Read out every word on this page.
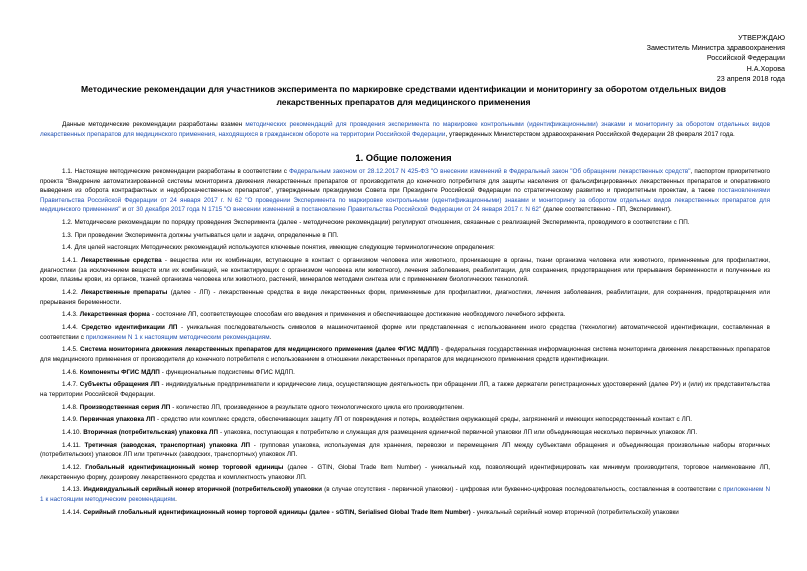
УТВЕРЖДАЮ
Заместитель Министра здравоохранения
Российской Федерации
Н.А.Хорова
23 апреля 2018 года
Методические рекомендации для участников эксперимента по маркировке средствами идентификации и мониторингу за оборотом отдельных видов
лекарственных препаратов для медицинского применения
Данные методические рекомендации разработаны взамен методических рекомендаций для проведения эксперимента по маркировке контрольными (идентификационными) знаками и мониторингу за оборотом отдельных видов лекарственных препаратов для медицинского применения, находящихся в гражданском обороте на территории Российской Федерации, утвержденных Министерством здравоохранения Российской Федерации 28 февраля 2017 года.
1. Общие положения
1.1. Настоящие методические рекомендации разработаны в соответствии с Федеральным законом от 28.12.2017 N 425-ФЗ "О внесении изменений в Федеральный закон "Об обращении лекарственных средств", паспортом приоритетного проекта "Внедрение автоматизированной системы мониторинга движения лекарственных препаратов от производителя до конечного потребителя для защиты населения от фальсифицированных лекарственных препаратов и оперативного выведения из оборота контрафактных и недоброкачественных препаратов", утвержденным президиумом Совета при Президенте Российской Федерации по стратегическому развитию и приоритетным проектам, а также постановлениями Правительства Российской Федерации от 24 января 2017 г. N 62 "О проведении Эксперимента по маркировке контрольными (идентификационными) знаками и мониторингу за оборотом отдельных видов лекарственных препаратов для медицинского применения" и от 30 декабря 2017 года N 1715 "О внесении изменений в постановление Правительства Российской Федерации от 24 января 2017 г. N 62" (далее соответственно - ПП, Эксперимент).
1.2. Методические рекомендации по порядку проведения Эксперимента (далее - методические рекомендации) регулируют отношения, связанные с реализацией Эксперимента, проводимого в соответствии с ПП.
1.3. При проведении Эксперимента должны учитываться цели и задачи, определенные в ПП.
1.4. Для целей настоящих Методических рекомендаций используются ключевые понятия, имеющие следующие терминологические определения:
1.4.1. Лекарственные средства - вещества или их комбинации, вступающие в контакт с организмом человека или животного, проникающие в органы, ткани организма человека или животного, применяемые для профилактики, диагностики (за исключением веществ или их комбинаций, не контактирующих с организмом человека или животного), лечения заболевания, реабилитации, для сохранения, предотвращения или прерывания беременности и полученные из крови, плазмы крови, из органов, тканей организма человека или животного, растений, минералов методами синтеза или с применением биологических технологий.
1.4.2. Лекарственные препараты (далее - ЛП) - лекарственные средства в виде лекарственных форм, применяемые для профилактики, диагностики, лечения заболевания, реабилитации, для сохранения, предотвращения или прерывания беременности.
1.4.3. Лекарственная форма - состояние ЛП, соответствующее способам его введения и применения и обеспечивающее достижение необходимого лечебного эффекта.
1.4.4. Средство идентификации ЛП - уникальная последовательность символов в машиночитаемой форме или представленная с использованием иного средства (технологии) автоматической идентификации, составленная в соответствии с приложением N 1 к настоящим методическим рекомендациям.
1.4.5. Система мониторинга движения лекарственных препаратов для медицинского применения (далее ФГИС МДЛП) - федеральная государственная информационная система мониторинга движения лекарственных препаратов для медицинского применения от производителя до конечного потребителя с использованием в отношении лекарственных препаратов для медицинского применения средств идентификации.
1.4.6. Компоненты ФГИС МДЛП - функциональные подсистемы ФГИС МДЛП.
1.4.7. Субъекты обращения ЛП - индивидуальные предприниматели и юридические лица, осуществляющие деятельность при обращении ЛП, а также держатели регистрационных удостоверений (далее РУ) и (или) их представительства на территории Российской Федерации.
1.4.8. Производственная серия ЛП - количество ЛП, произведенное в результате одного технологического цикла его производителем.
1.4.9. Первичная упаковка ЛП - средство или комплекс средств, обеспечивающих защиту ЛП от повреждения и потерь, воздействия окружающей среды, загрязнений и имеющих непосредственный контакт с ЛП.
1.4.10. Вторичная (потребительская) упаковка ЛП - упаковка, поступающая к потребителю и служащая для размещения единичной первичной упаковки ЛП или объединяющая несколько первичных упаковок ЛП.
1.4.11. Третичная (заводская, транспортная) упаковка ЛП - групповая упаковка, используемая для хранения, перевозки и перемещения ЛП между субъектами обращения и объединяющая произвольные наборы вторичных (потребительских) упаковок ЛП или третичных (заводских, транспортных) упаковок ЛП.
1.4.12. Глобальный идентификационный номер торговой единицы (далее - GTIN, Global Trade Item Number) - уникальный код, позволяющий идентифицировать как минимум производителя, торговое наименование ЛП, лекарственную форму, дозировку лекарственного средства и комплектность упаковки ЛП.
1.4.13. Индивидуальный серийный номер вторичной (потребительской) упаковки (в случае отсутствия - первичной упаковки) - цифровая или буквенно-цифровая последовательность, составленная в соответствии с приложением N 1 к настоящим методическим рекомендациям.
1.4.14. Серийный глобальный идентификационный номер торговой единицы (далее - sGTIN, Serialised Global Trade Item Number) - уникальный серийный номер вторичной (потребительской) упаковки
